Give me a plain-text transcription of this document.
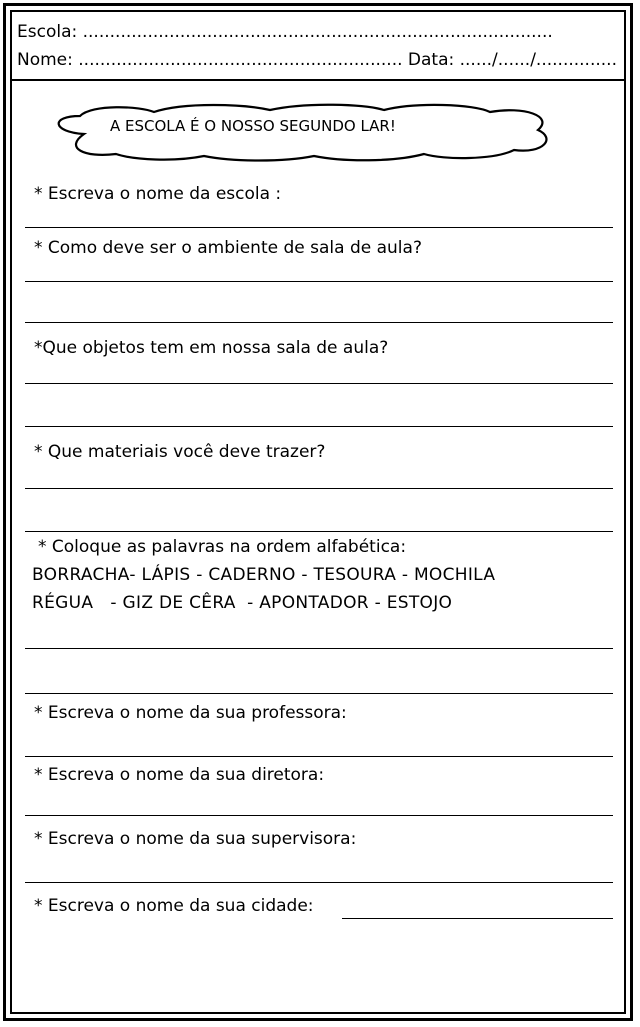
Escola: .......................................................................................
Nome: ............................................................ Data: ....../....../...............
A ESCOLA É O NOSSO SEGUNDO LAR!
* Escreva o nome da escola :
* Como deve ser o ambiente de sala de aula?
*Que objetos tem em nossa sala de aula?
* Que materiais você deve trazer?
* Coloque as palavras na ordem alfabética:
BORRACHA- LÁPIS - CADERNO - TESOURA - MOCHILA
RÉGUA   - GIZ DE CÊRA  - APONTADOR - ESTOJO
* Escreva o nome da sua professora:
* Escreva o nome da sua diretora:
* Escreva o nome da sua supervisora:
* Escreva o nome da sua cidade:
